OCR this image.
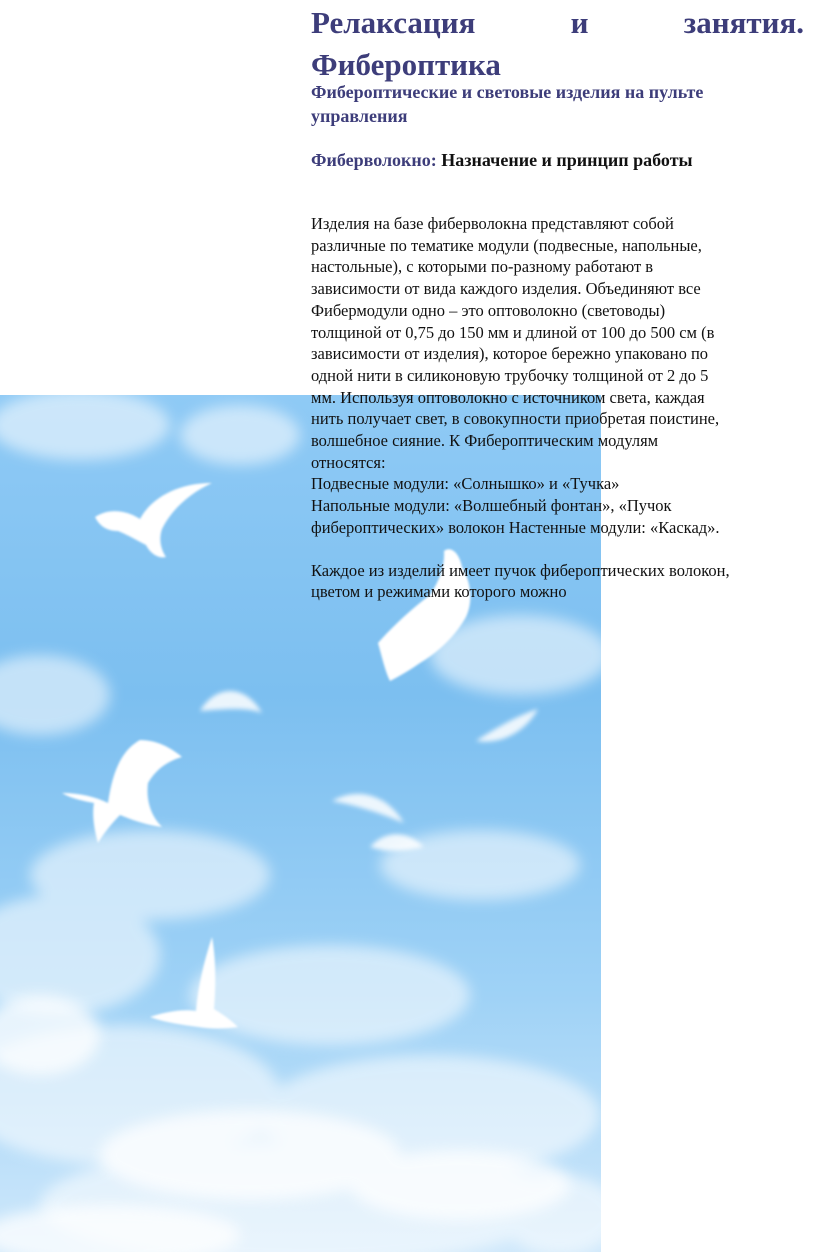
Релаксация	и	занятия.
Фибероптика
Фибероптические и световые изделия на пульте управления
Фиберволокно: Назначение и принцип работы

Изделия на базе фиберволокна представляют собой различные по тематике модули (подвесные, напольные, настольные), с которыми по-разному работают в зависимости от вида каждого изделия. Объединяют все Фибермодули одно – это оптоволокно (световоды) толщиной от 0,75 до 150 мм и длиной от 100 до 500 см (в зависимости от изделия), которое бережно упаковано по одной нити в силиконовую трубочку толщиной от 2 до 5 мм. Используя оптоволокно с источником света, каждая нить получает свет, в совокупности приобретая поистине, волшебное сияние. К Фибероптическим модулям относятся:

Подвесные модули: «Солнышко» и «Тучка»

Напольные модули: «Волшебный фонтан», «Пучок фибероптических» волокон Настенные модули: «Каскад».

Каждое из изделий имеет пучок фибероптических волокон, цветом и режимами которого можно
